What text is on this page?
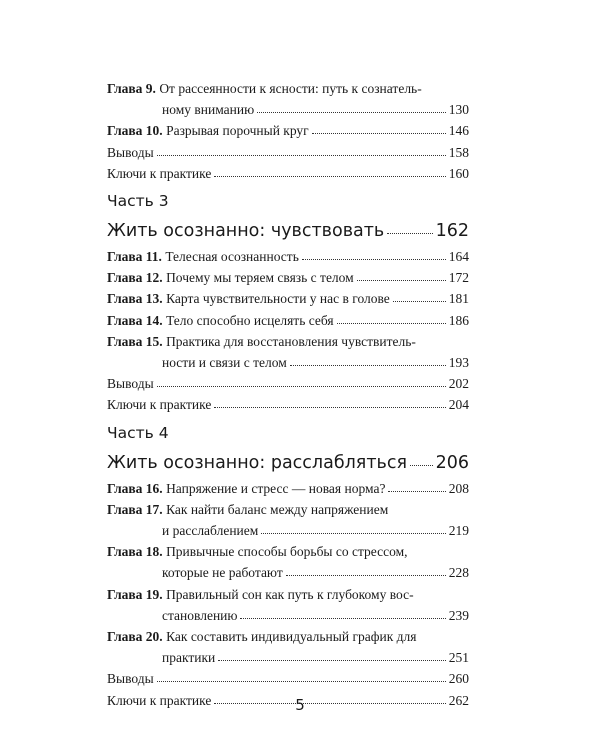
Глава 9. От рассеянности к ясности: путь к сознатель-
ному вниманию	130
Глава 10. Разрывая порочный круг	146
Выводы	158
Ключи к практике	160
Часть 3
Жить осознанно: чувствовать	162
Глава 11. Телесная осознанность	164
Глава 12. Почему мы теряем связь с телом	172
Глава 13. Карта чувствительности у нас в голове	181
Глава 14. Тело способно исцелять себя	186
Глава 15. Практика для восстановления чувствитель-
ности и связи с телом	193
Выводы	202
Ключи к практике	204
Часть 4
Жить осознанно: расслабляться 206
Глава 16. Напряжение и стресс — новая норма?	208
Глава 17. Как найти баланс между напряжением
и расслаблением	219
Глава 18. Привычные способы борьбы со стрессом,
которые не работают	228
Глава 19. Правильный сон как путь к глубокому вос-
становлению	239
Глава 20. Как составить индивидуальный график для
практики	251
Выводы	260
Ключи к практике	262
5
